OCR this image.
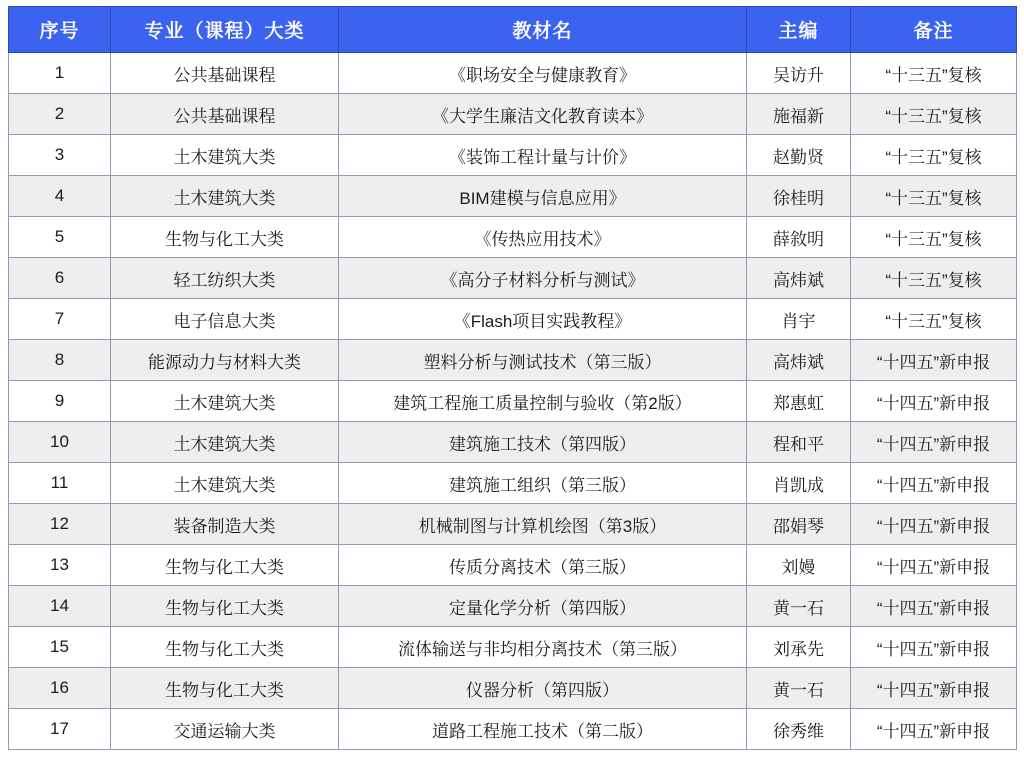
序号	专业（课程）大类	教材名	主编	备注
1	公共基础课程	《职场安全与健康教育》	吴访升	“十三五”复核
2	公共基础课程	《大学生廉洁文化教育读本》	施福新	“十三五”复核
3	土木建筑大类	《装饰工程计量与计价》	赵勤贤	“十三五”复核
4	土木建筑大类	BIM建模与信息应用》	徐桂明	“十三五”复核
5	生物与化工大类	《传热应用技术》	薛敘明	“十三五”复核
6	轻工纺织大类	《高分子材料分析与测试》	高炜斌	“十三五”复核
7	电子信息大类	《Flash项目实践教程》	肖宇	“十三五”复核
8	能源动力与材料大类	塑料分析与测试技术（第三版）	高炜斌	“十四五”新申报
9	土木建筑大类	建筑工程施工质量控制与验收（第2版）	郑惠虹	“十四五”新申报
10	土木建筑大类	建筑施工技术（第四版）	程和平	“十四五”新申报
11	土木建筑大类	建筑施工组织（第三版）	肖凯成	“十四五”新申报
12	装备制造大类	机械制图与计算机绘图（第3版）	邵娟琴	“十四五”新申报
13	生物与化工大类	传质分离技术（第三版）	刘嫚	“十四五”新申报
14	生物与化工大类	定量化学分析（第四版）	黄一石	“十四五”新申报
15	生物与化工大类	流体输送与非均相分离技术（第三版）	刘承先	“十四五”新申报
16	生物与化工大类	仪器分析（第四版）	黄一石	“十四五”新申报
17	交通运输大类	道路工程施工技术（第二版）	徐秀维	“十四五”新申报
